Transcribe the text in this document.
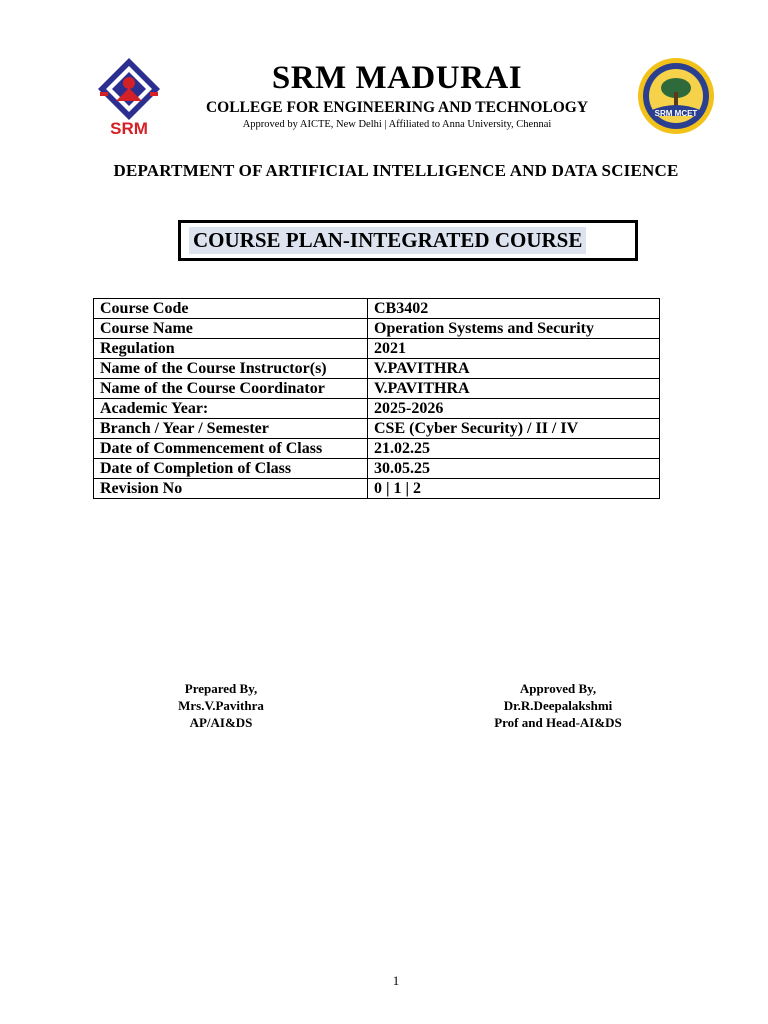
SRM
SRM MADURAI
COLLEGE FOR ENGINEERING AND TECHNOLOGY
Approved by AICTE, New Delhi | Affiliated to Anna University, Chennai
SRM MCET
DEPARTMENT OF ARTIFICIAL INTELLIGENCE AND DATA SCIENCE
COURSE PLAN-INTEGRATED COURSE
Course Code	CB3402
Course Name	Operation Systems and Security
Regulation	2021
Name of the Course Instructor(s)	V.PAVITHRA
Name of the Course Coordinator	V.PAVITHRA
Academic Year:	2025-2026
Branch / Year / Semester	CSE (Cyber Security) / II / IV
Date of Commencement of Class	21.02.25
Date of Completion of Class	30.05.25
Revision No	0 | 1 | 2
Prepared By,
Mrs.V.Pavithra
AP/AI&DS
Approved By,
Dr.R.Deepalakshmi
Prof and Head-AI&DS
1
